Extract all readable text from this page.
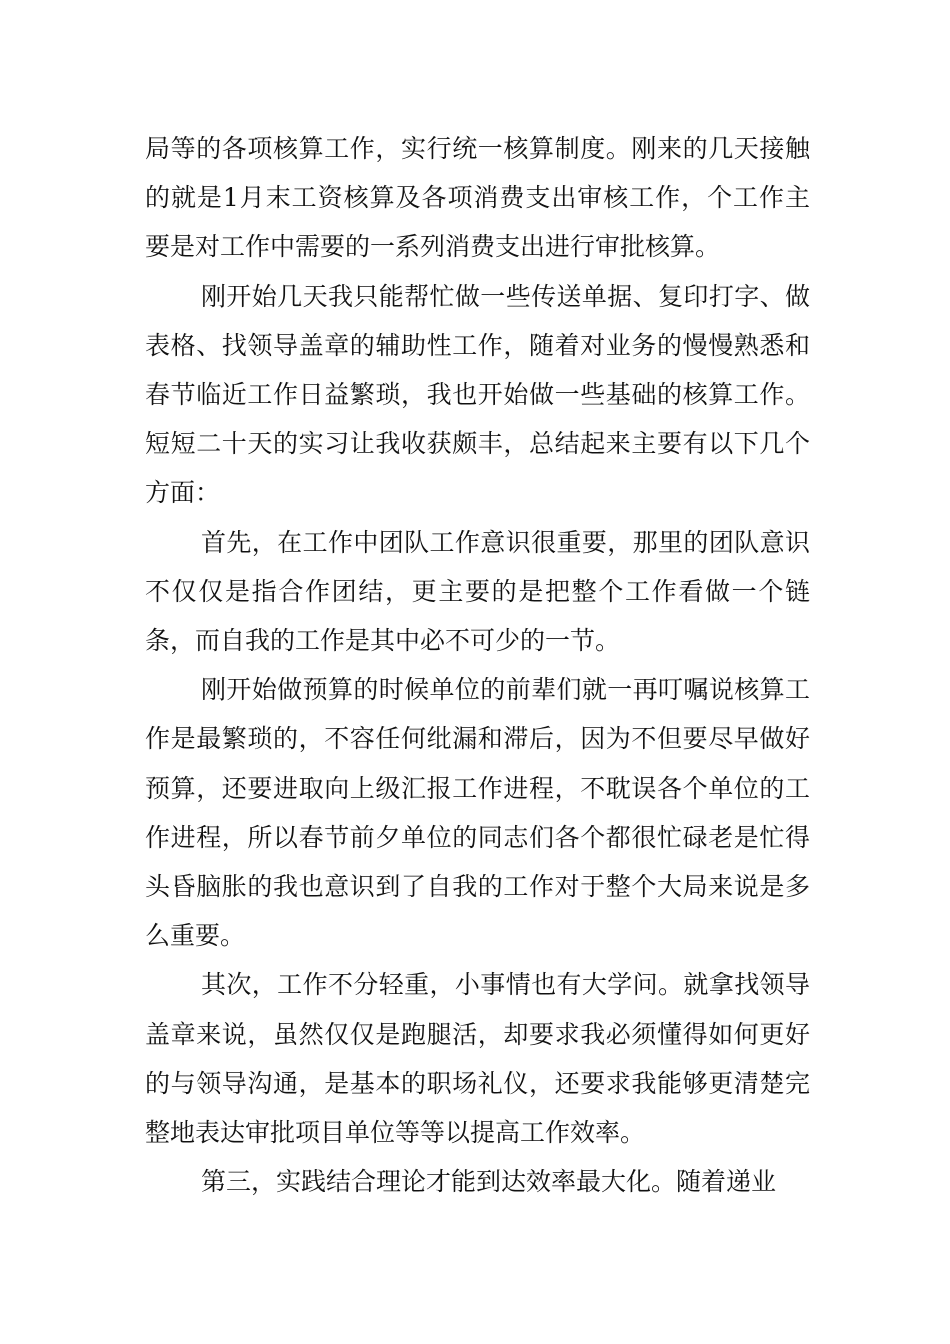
局等的各项核算工作，实行统一核算制度。刚来的几天接触的就是1月末工资核算及各项消费支出审核工作，个工作主要是对工作中需要的一系列消费支出进行审批核算。

刚开始几天我只能帮忙做一些传送单据、复印打字、做表格、找领导盖章的辅助性工作，随着对业务的慢慢熟悉和春节临近工作日益繁琐，我也开始做一些基础的核算工作。短短二十天的实习让我收获颇丰，总结起来主要有以下几个方面：

首先，在工作中团队工作意识很重要，那里的团队意识不仅仅是指合作团结，更主要的是把整个工作看做一个链条，而自我的工作是其中必不可少的一节。

刚开始做预算的时候单位的前辈们就一再叮嘱说核算工作是最繁琐的，不容任何纰漏和滞后，因为不但要尽早做好预算，还要进取向上级汇报工作进程，不耽误各个单位的工作进程，所以春节前夕单位的同志们各个都很忙碌老是忙得头昏脑胀的我也意识到了自我的工作对于整个大局来说是多么重要。

其次，工作不分轻重，小事情也有大学问。就拿找领导盖章来说，虽然仅仅是跑腿活，却要求我必须懂得如何更好的与领导沟通，是基本的职场礼仪，还要求我能够更清楚完整地表达审批项目单位等等以提高工作效率。

第三，实践结合理论才能到达效率最大化。随着递业
